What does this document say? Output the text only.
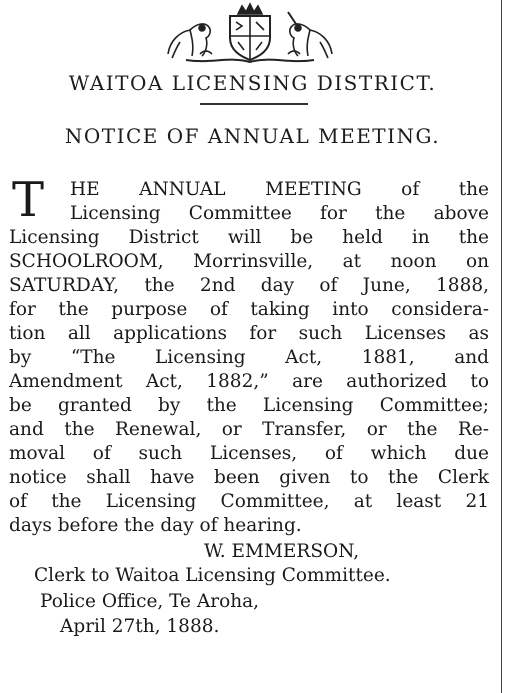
WAITOA LICENSING DISTRICT.
NOTICE OF ANNUAL MEETING.
T HE ANNUAL MEETING of the
Licensing Committee for the above
Licensing District will be held in the
SCHOOLROOM, Morrinsville, at noon on
SATURDAY, the 2nd day of June, 1888,
for the purpose of taking into considera-
tion all applications for such Licenses as
by “The Licensing Act, 1881, and
Amendment Act, 1882,” are authorized to
be granted by the Licensing Committee;
and the Renewal, or Transfer, or the Re-
moval of such Licenses, of which due
notice shall have been given to the Clerk
of the Licensing Committee, at least 21
days before the day of hearing.
W. EMMERSON,
Clerk to Waitoa Licensing Committee.
Police Office, Te Aroha,
April 27th, 1888.
